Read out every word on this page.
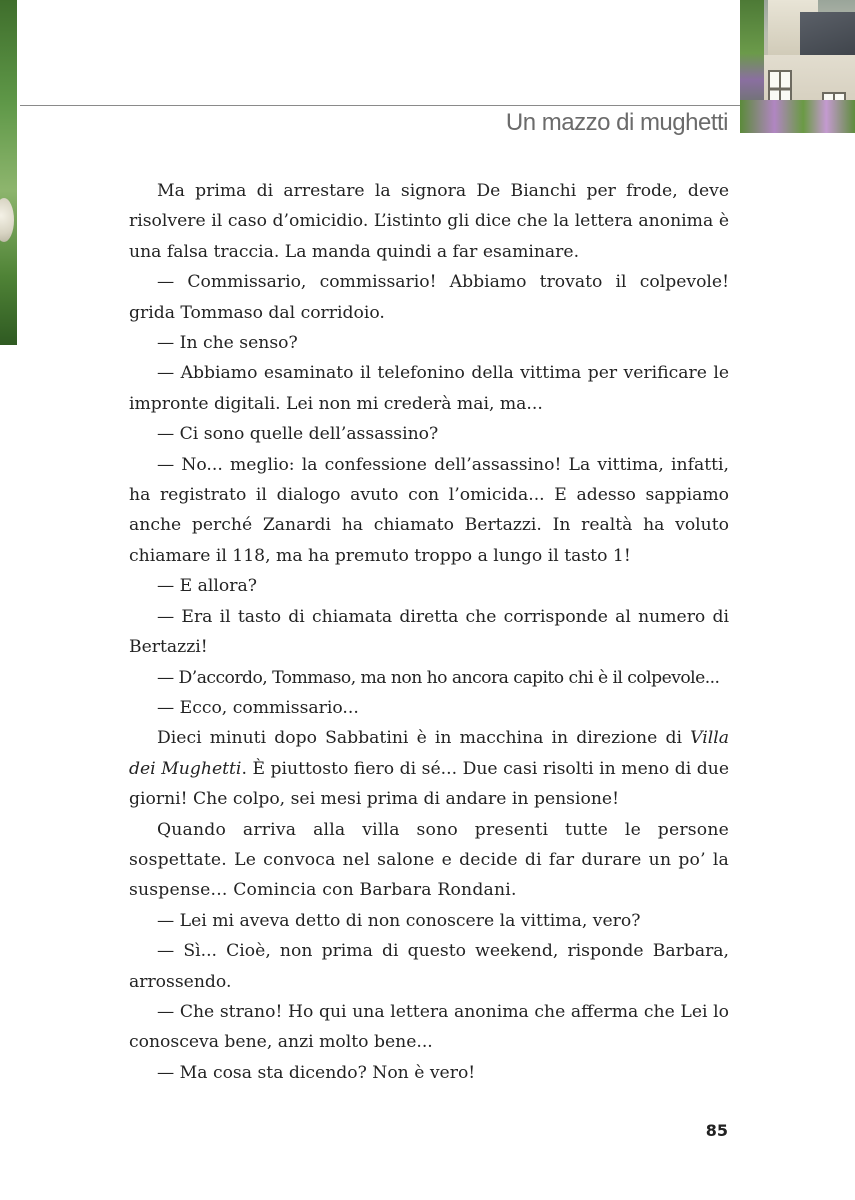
Un mazzo di mughetti

Ma prima di arrestare la signora De Bianchi per frode, deve risolvere il caso d’omicidio. L’istinto gli dice che la lettera anonima è una falsa traccia. La manda quindi a far esaminare.

— Commissario, commissario! Abbiamo trovato il colpevole! grida Tommaso dal corridoio.

— In che senso?

— Abbiamo esaminato il telefonino della vittima per verificare le impronte digitali. Lei non mi crederà mai, ma...

— Ci sono quelle dell’assassino?

— No... meglio: la confessione dell’assassino! La vittima, infatti, ha registrato il dialogo avuto con l’omicida... E adesso sappiamo anche perché Zanardi ha chiamato Bertazzi. In realtà ha voluto chiamare il 118, ma ha premuto troppo a lungo il tasto 1!

— E allora?

— Era il tasto di chiamata diretta che corrisponde al numero di Bertazzi!

— D’accordo, Tommaso, ma non ho ancora capito chi è il colpevole...

— Ecco, commissario...

Dieci minuti dopo Sabbatini è in macchina in direzione di Villa dei Mughetti. È piuttosto fiero di sé... Due casi risolti in meno di due giorni! Che colpo, sei mesi prima di andare in pensione!

Quando arriva alla villa sono presenti tutte le persone sospettate. Le convoca nel salone e decide di far durare un po’ la suspense... Comincia con Barbara Rondani.

— Lei mi aveva detto di non conoscere la vittima, vero?

— Sì... Cioè, non prima di questo weekend, risponde Barbara, arrossendo.

— Che strano! Ho qui una lettera anonima che afferma che Lei lo conosceva bene, anzi molto bene...

— Ma cosa sta dicendo? Non è vero!

85
